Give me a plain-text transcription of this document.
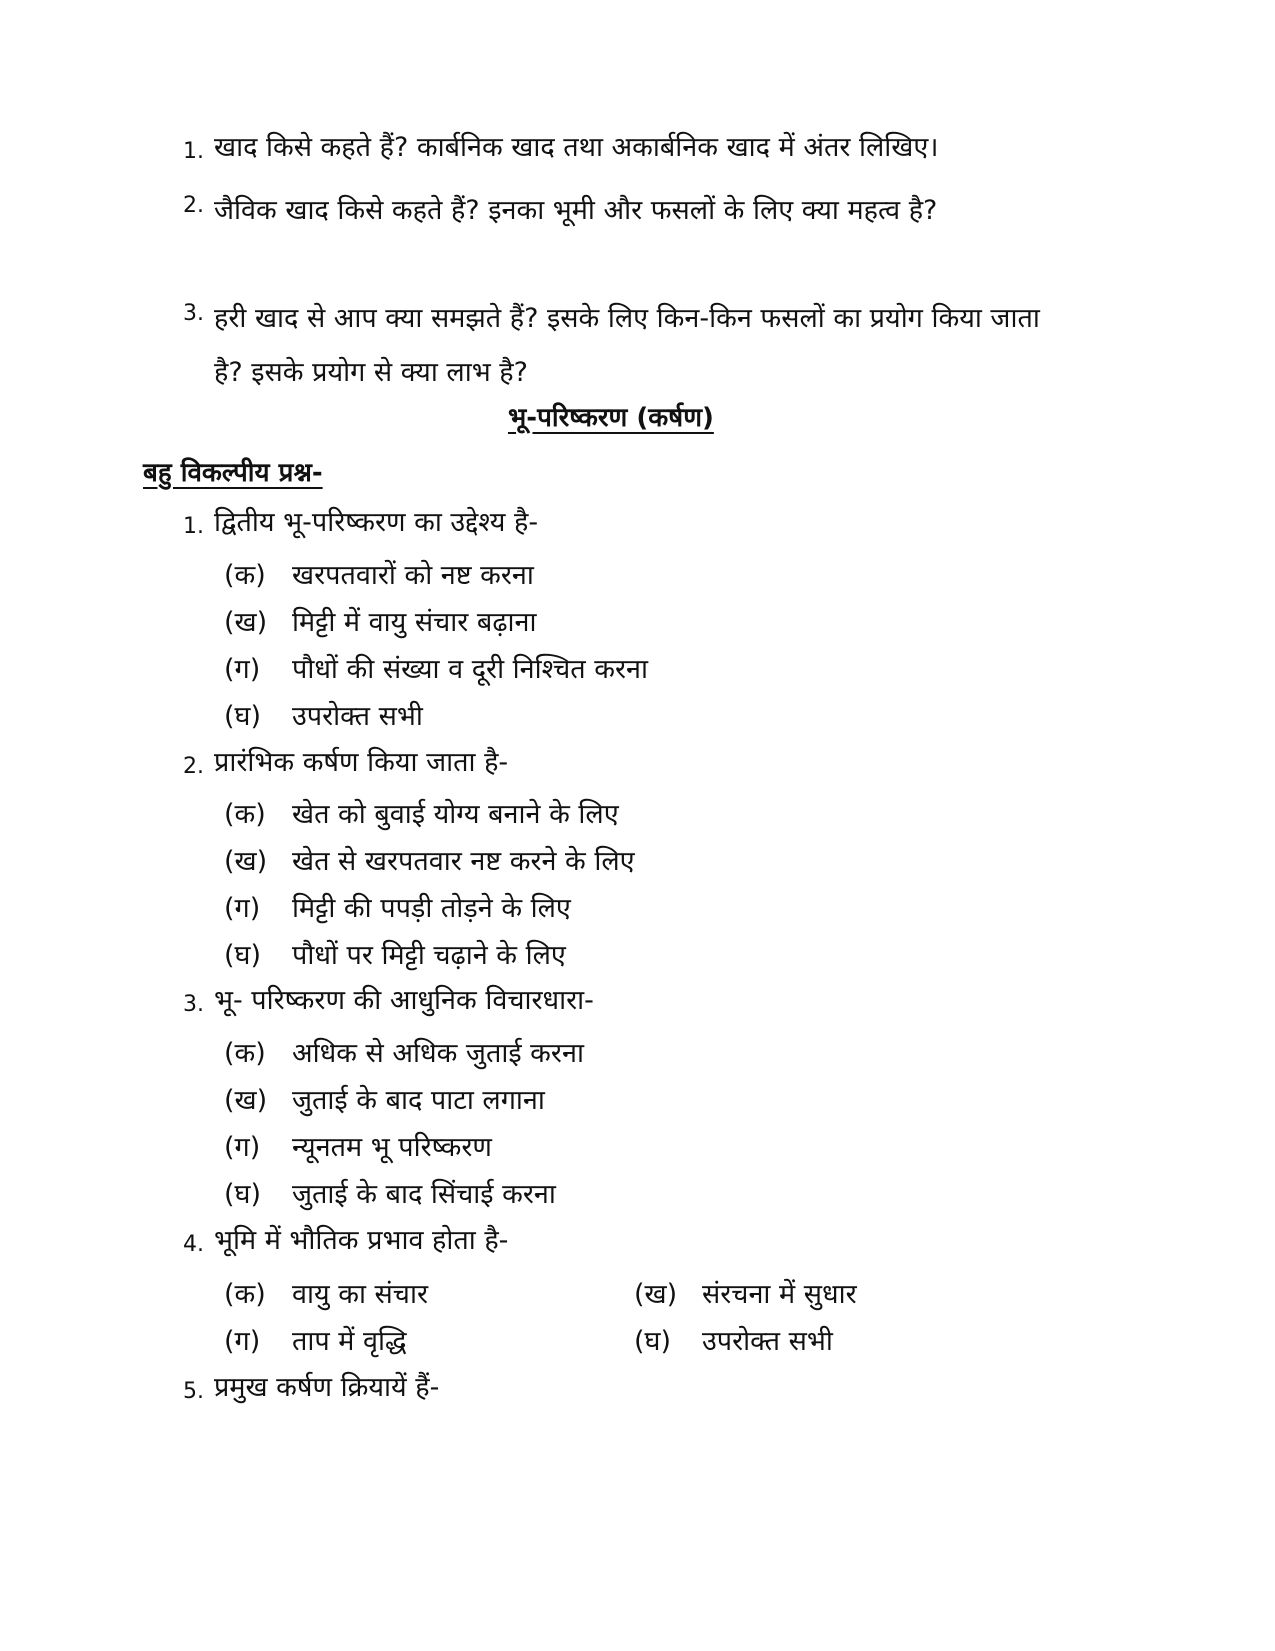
1. खाद किसे कहते हैं? कार्बनिक खाद तथा अकार्बनिक खाद में अंतर लिखिए।
2. जैविक खाद किसे कहते हैं? इनका भूमी और फसलों के लिए क्या महत्व है?
3. हरी खाद से आप क्या समझते हैं? इसके लिए किन-किन फसलों का प्रयोग किया जाता है? इसके प्रयोग से क्या लाभ है?
भू-परिष्करण (कर्षण)
बहु विकल्पीय प्रश्न-
1. द्वितीय भू-परिष्करण का उद्देश्य है-
(क) खरपतवारों को नष्ट करना
(ख) मिट्टी में वायु संचार बढ़ाना
(ग) पौधों की संख्या व दूरी निश्चित करना
(घ) उपरोक्त सभी
2. प्रारंभिक कर्षण किया जाता है-
(क) खेत को बुवाई योग्य बनाने के लिए
(ख) खेत से खरपतवार नष्ट करने के लिए
(ग) मिट्टी की पपड़ी तोड़ने के लिए
(घ) पौधों पर मिट्टी चढ़ाने के लिए
3. भू- परिष्करण की आधुनिक विचारधारा-
(क) अधिक से अधिक जुताई करना
(ख) जुताई के बाद पाटा लगाना
(ग) न्यूनतम भू परिष्करण
(घ) जुताई के बाद सिंचाई करना
4. भूमि में भौतिक प्रभाव होता है-
(क) वायु का संचार	(ख) संरचना में सुधार
(ग) ताप में वृद्धि	(घ) उपरोक्त सभी
5. प्रमुख कर्षण क्रियायें हैं-
